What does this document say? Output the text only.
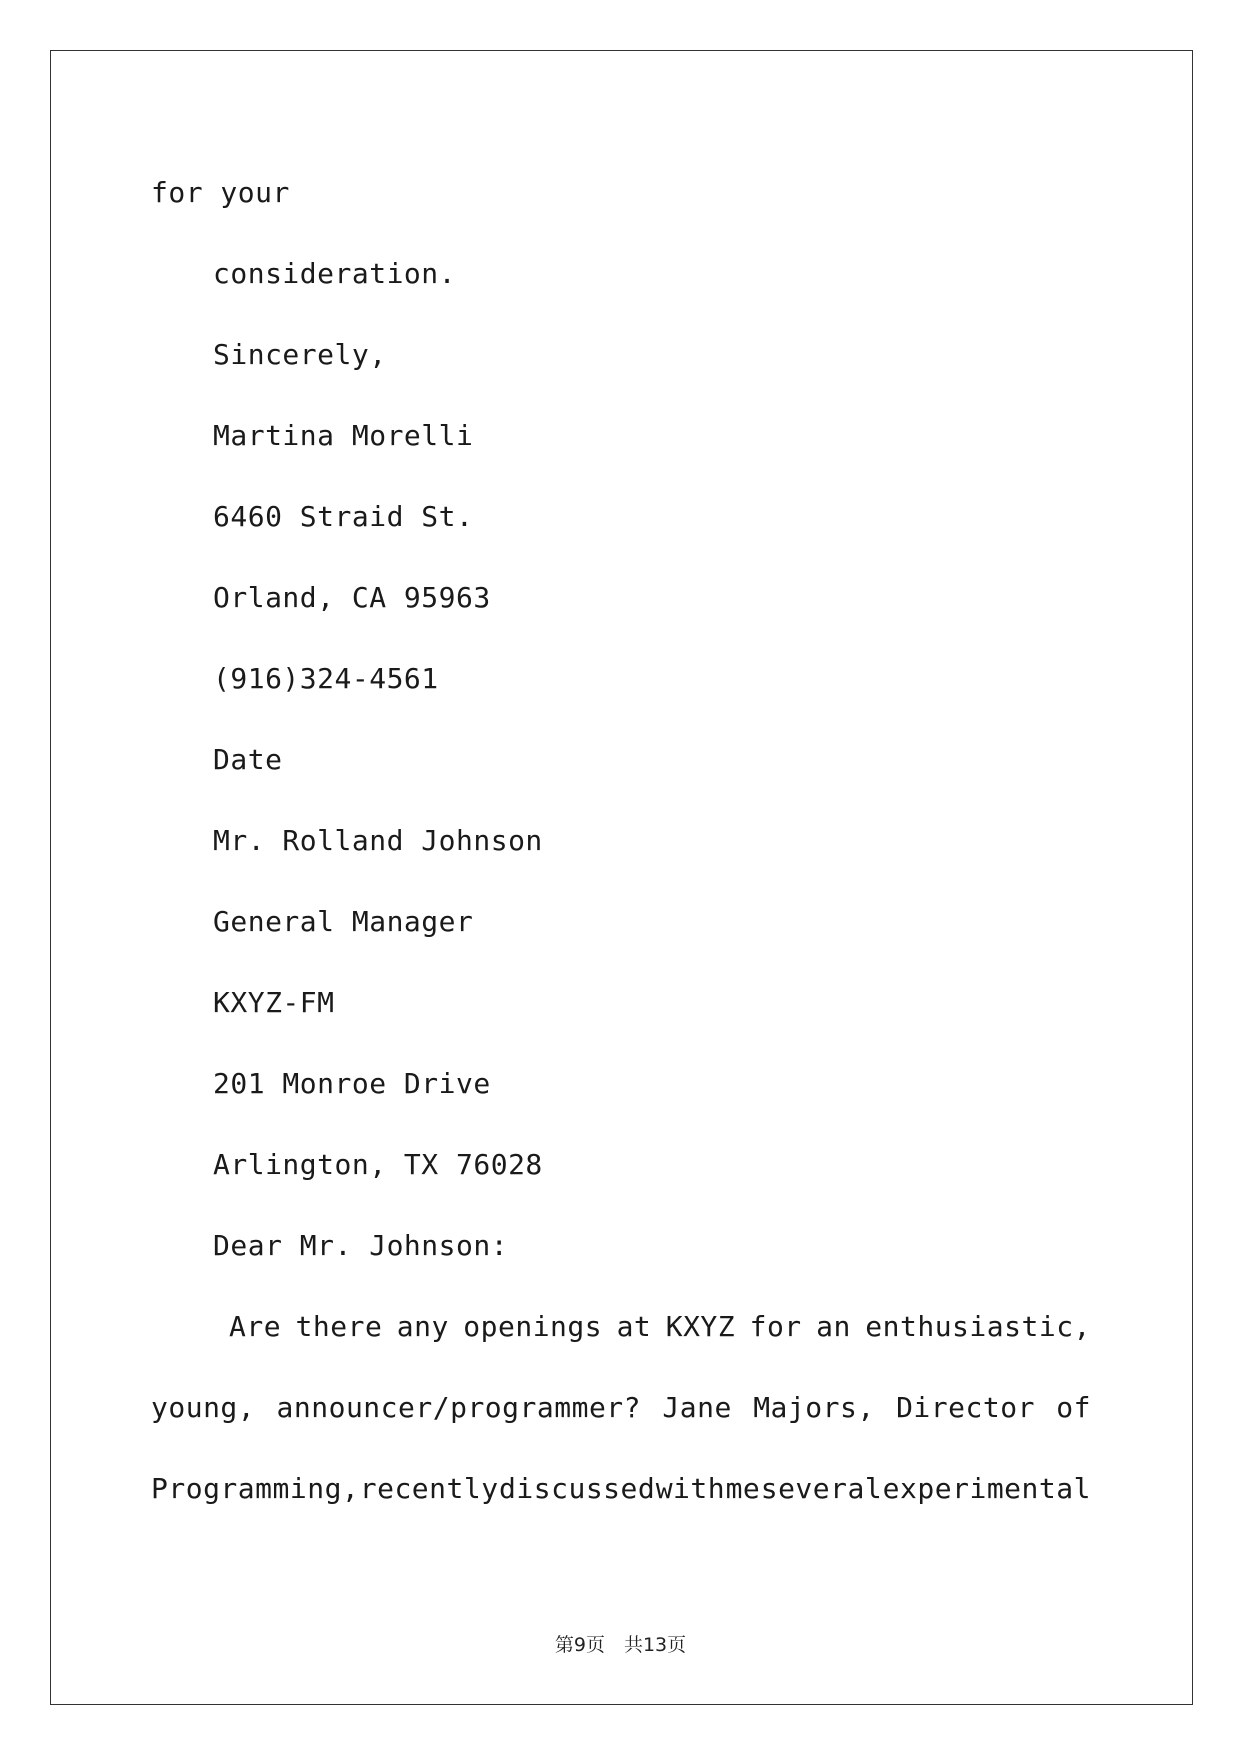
for your
consideration.
Sincerely,
Martina Morelli
6460 Straid St.
Orland, CA 95963
(916)324-4561
Date
Mr. Rolland Johnson
General Manager
KXYZ-FM
201 Monroe Drive
Arlington, TX 76028
Dear Mr. Johnson:
Are there any openings at KXYZ for an enthusiastic,
young, announcer/programmer? Jane Majors, Director of
Programming, recently discussed with me several experimental
第9页　共13页
